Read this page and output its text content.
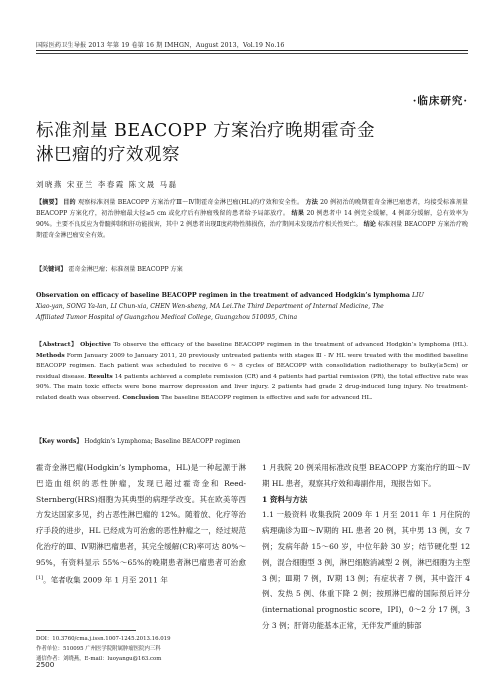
国际医药卫生导报 2013 年第 19 卷第 16 期 IMHGN，August 2013，Vol.19 No.16
·临床研究·
标准剂量 BEACOPP 方案治疗晚期霍奇金
淋巴瘤的疗效观察
刘晓燕 宋亚兰 李春霞 陈文晟 马磊
【摘要】 目的 观察标准剂量 BEACOPP 方案治疗Ⅲ～Ⅳ期霍奇金淋巴瘤(HL)的疗效和安全性。 方法 20 例初治的晚期霍奇金淋巴瘤患者，均接受标准剂量 BEACOPP 方案化疗，初治肿瘤最大径≥5 cm 或化疗后有肿瘤残留的患者给予局部放疗。 结果 20 例患者中 14 例完全缓解，4 例部分缓解，总有效率为 90%。主要不良反应为骨髓抑制和肝功能损害，其中 2 例患者出现Ⅱ度药物性肺损伤，治疗期间未发现治疗相关性死亡。 结论 标准剂量 BEACOPP 方案治疗晚期霍奇金淋巴瘤安全有效。
【关键词】 霍奇金淋巴瘤；标准剂量 BEACOPP 方案
Observation on efficacy of baseline BEACOPP regimen in the treatment of advanced Hodgkin’s lymphoma LIU
Xiao-yan, SONG Ya-lan, LI Chun-xia, CHEN Wen-sheng, MA Lei.The Third Department of Internal Medicine, The
Affiliated Tumor Hospital of Guangzhou Medical College, Guangzhou 510095, China
【Abstract】 Objective To observe the efficacy of the baseline BEACOPP regimen in the treatment of advanced Hodgkin’s lymphoma (HL). Methods Form January 2009 to January 2011, 20 previously untreated patients with stages Ⅲ - Ⅳ HL were treated with the modified baseline BEACOPP regimen. Each patient was scheduled to receive 6 ~ 8 cycles of BEACOPP with consolidation radiotherapy to bulky(≥5cm) or residual disease. Results 14 patients achieved a complete remission (CR) and 4 patients had partial remission (PR), the total effective rate was 90%. The main toxic effects were bone marrow depression and liver injury. 2 patients had grade 2 drug-induced lung injury. No treatment-related death was observed. Conclusion The baseline BEACOPP regimen is effective and safe for advanced HL.
【Key words】 Hodgkin’s Lymphoma; Baseline BEACOPP regimen
霍奇金淋巴瘤(Hodgkin’s lymphoma，HL)是一种起源于淋巴造血组织的恶性肿瘤，发现已超过霍奇金和 Reed-Sternberg(HRS)细胞为其典型的病理学改变。其在欧美等西方发达国家多见，约占恶性淋巴瘤的 12%。随着放、化疗等治疗手段的进步，HL 已经成为可治愈的恶性肿瘤之一，经过规范化治疗的Ⅲ、Ⅳ期淋巴瘤患者，其完全缓解(CR)率可达 80%～95%，有资料显示 55%～65%的晚期患者淋巴瘤患者可治愈[1]。笔者收集 2009 年 1 月至 2011 年
1 月我院 20 例采用标准改良型 BEACOPP 方案治疗的Ⅲ～Ⅳ期 HL 患者，观察其疗效和毒副作用，现报告如下。
1 资料与方法
1.1 一般资料 收集我院 2009 年 1 月至 2011 年 1 月住院的病理确诊为Ⅲ～Ⅳ期的 HL 患者 20 例，其中男 13 例，女 7 例；发病年龄 15～60 岁，中位年龄 30 岁；结节硬化型 12 例，混合细胞型 3 例，淋巴细胞消减型 2 例，淋巴细胞为主型 3 例；Ⅲ期 7 例，Ⅳ期 13 例；有症状者 7 例，其中盗汗 4 例、发热 5 例、体重下降 2 例；按照淋巴瘤的国际预后评分(international prognostic score，IPI)，0～2 分 17 例，3 分 3 例；肝肾功能基本正常，无伴发严重的肺部
DOI：10.3760/cma.j.issn.1007-1245.2013.16.019
作者单位：510095 广州医学院附属肿瘤医院内三科
通信作者：刘晓燕，E-mail：luoyangu@163.com
2500
